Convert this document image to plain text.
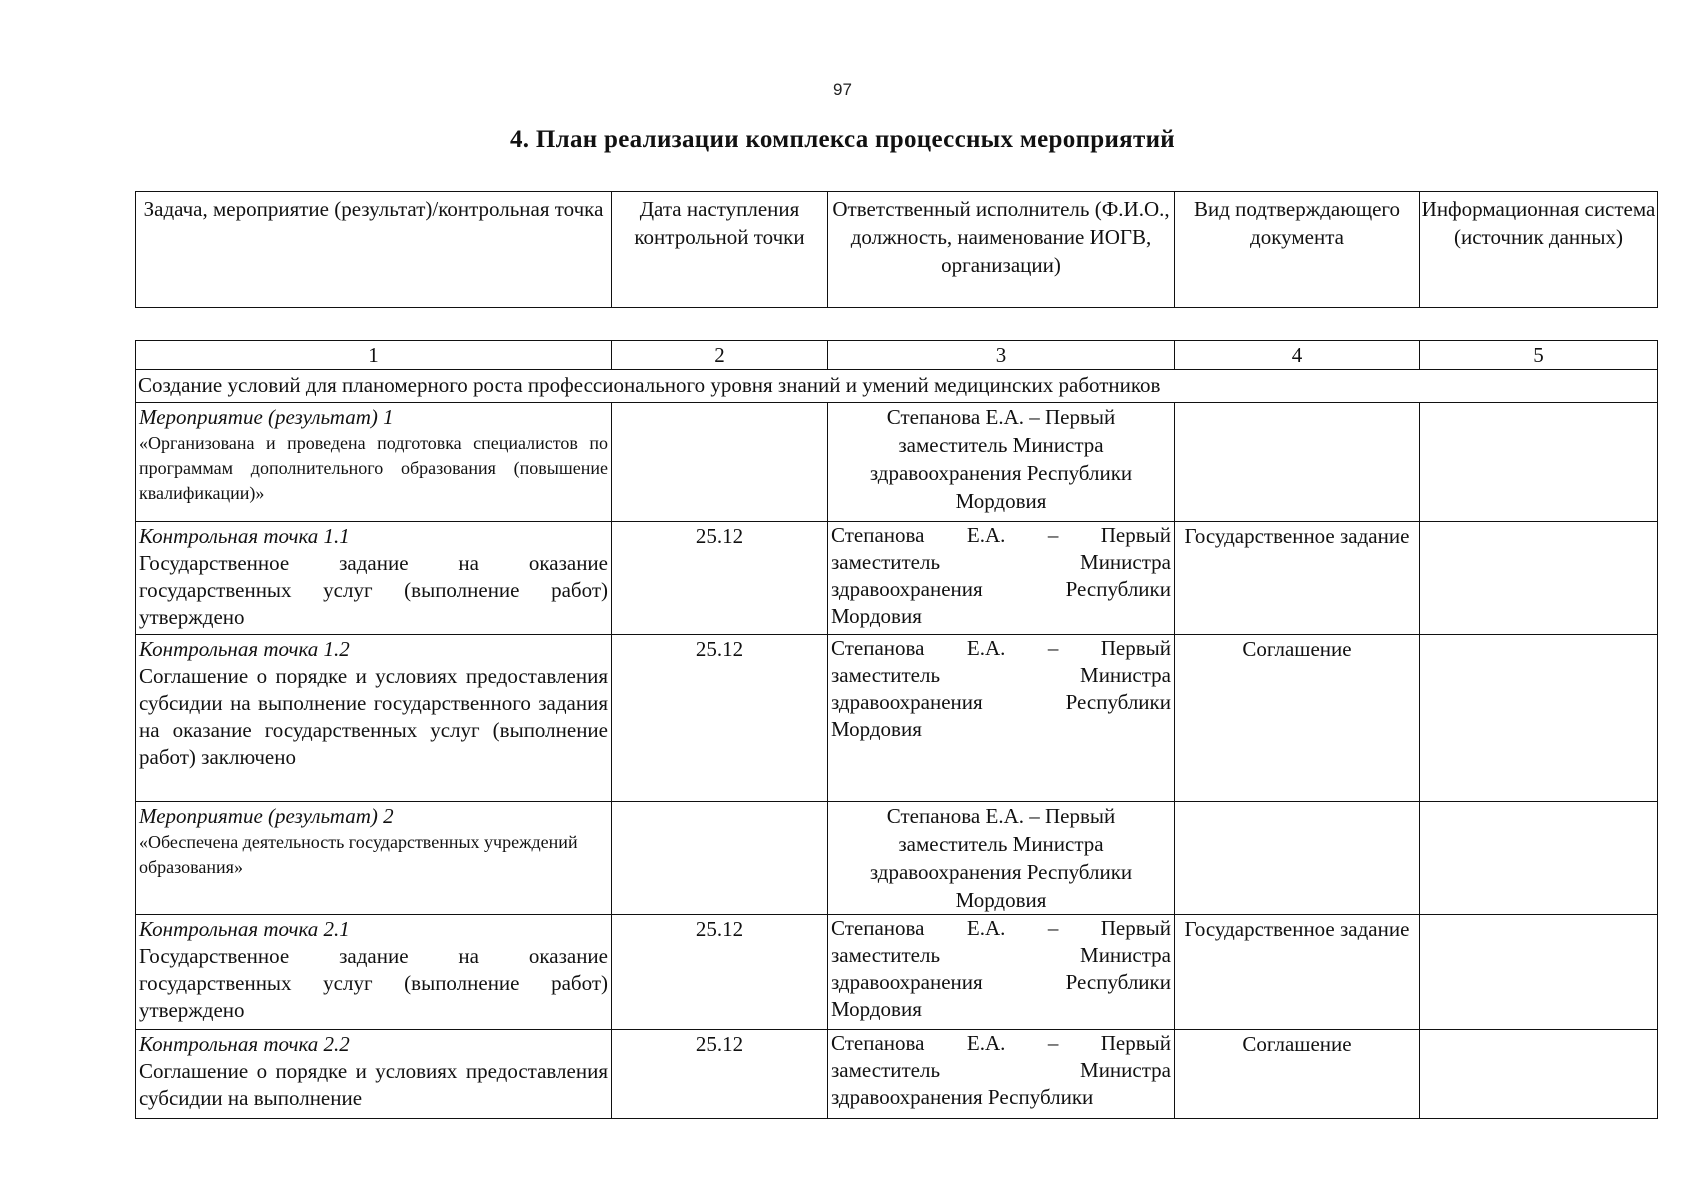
97
4. План реализации комплекса процессных мероприятий
Задача, мероприятие (результат)/контрольная точка	Дата наступления контрольной точки	Ответственный исполнитель (Ф.И.О., должность, наименование ИОГВ, организации)	Вид подтверждающего документа	Информационная система (источник данных)
1	2	3	4	5
Создание условий для планомерного роста профессионального уровня знаний и умений медицинских работников				

Мероприятие (результат) 1
«Организована и проведена подготовка специалистов по программам дополнительного образования (повышение квалификации)»		Степанова Е.А. – Первый заместитель Министра здравоохранения Республики Мордовия		

Контрольная точка 1.1
Государственное задание на оказание государственных услуг (выполнение работ) утверждено	25.12	Степанова Е.А. – Первый заместитель Министра здравоохранения Республики Мордовия	Государственное задание	

Контрольная точка 1.2
Соглашение о порядке и условиях предоставления субсидии на выполнение государственного задания на оказание государственных услуг (выполнение работ) заключено	25.12	Степанова Е.А. – Первый заместитель Министра здравоохранения Республики Мордовия	Соглашение	

Мероприятие (результат) 2
«Обеспечена деятельность государственных учреждений образования»		Степанова Е.А. – Первый заместитель Министра здравоохранения Республики Мордовия		

Контрольная точка 2.1
Государственное задание на оказание государственных услуг (выполнение работ) утверждено	25.12	Степанова Е.А. – Первый заместитель Министра здравоохранения Республики Мордовия	Государственное задание	

Контрольная точка 2.2
Соглашение о порядке и условиях предоставления субсидии на выполнение	25.12	Степанова Е.А. – Первый заместитель Министра здравоохранения Республики	Соглашение	
